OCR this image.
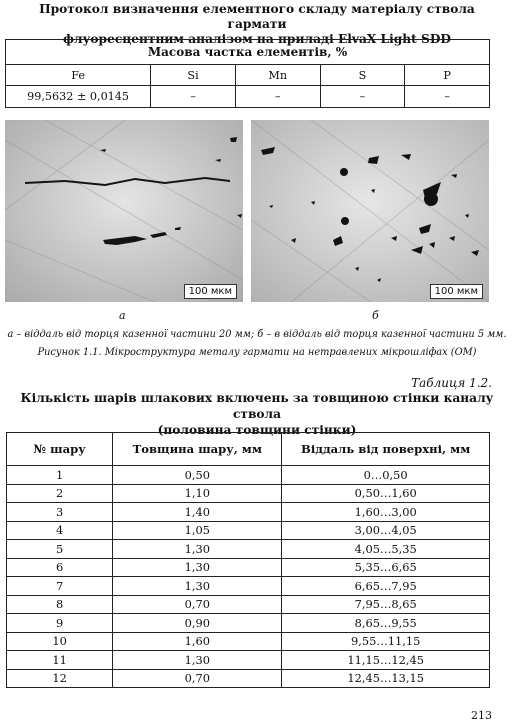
Протокол визначення елементного складу матеріалу ствола гармати
флуоресцентним аналізом на приладі ElvaX Light SDD
Масова частка елементів, %				
Fe	Si	Mn	S	P
99,5632 ± 0,0145	–	–	–	–
100 мкм	100 мкм
а	б
а – віддаль від торця казенної частини 20 мм; б – в віддаль від торця казенної частини 5 мм.
Рисунок 1.1. Мікроструктура металу гармати на нетравлених мікрошліфах (ОМ)
Таблиця 1.2.
Кількість шарів шлакових включень за товщиною стінки каналу ствола
(половина товщини стінки)
№ шару	Товщина шару, мм	Віддаль від поверхні, мм
1	0,50	0…0,50
2	1,10	0,50…1,60
3	1,40	1,60…3,00
4	1,05	3,00…4,05
5	1,30	4,05…5,35
6	1,30	5,35…6,65
7	1,30	6,65…7,95
8	0,70	7,95…8,65
9	0,90	8,65…9,55
10	1,60	9,55…11,15
11	1,30	11,15…12,45
12	0,70	12,45…13,15
213
